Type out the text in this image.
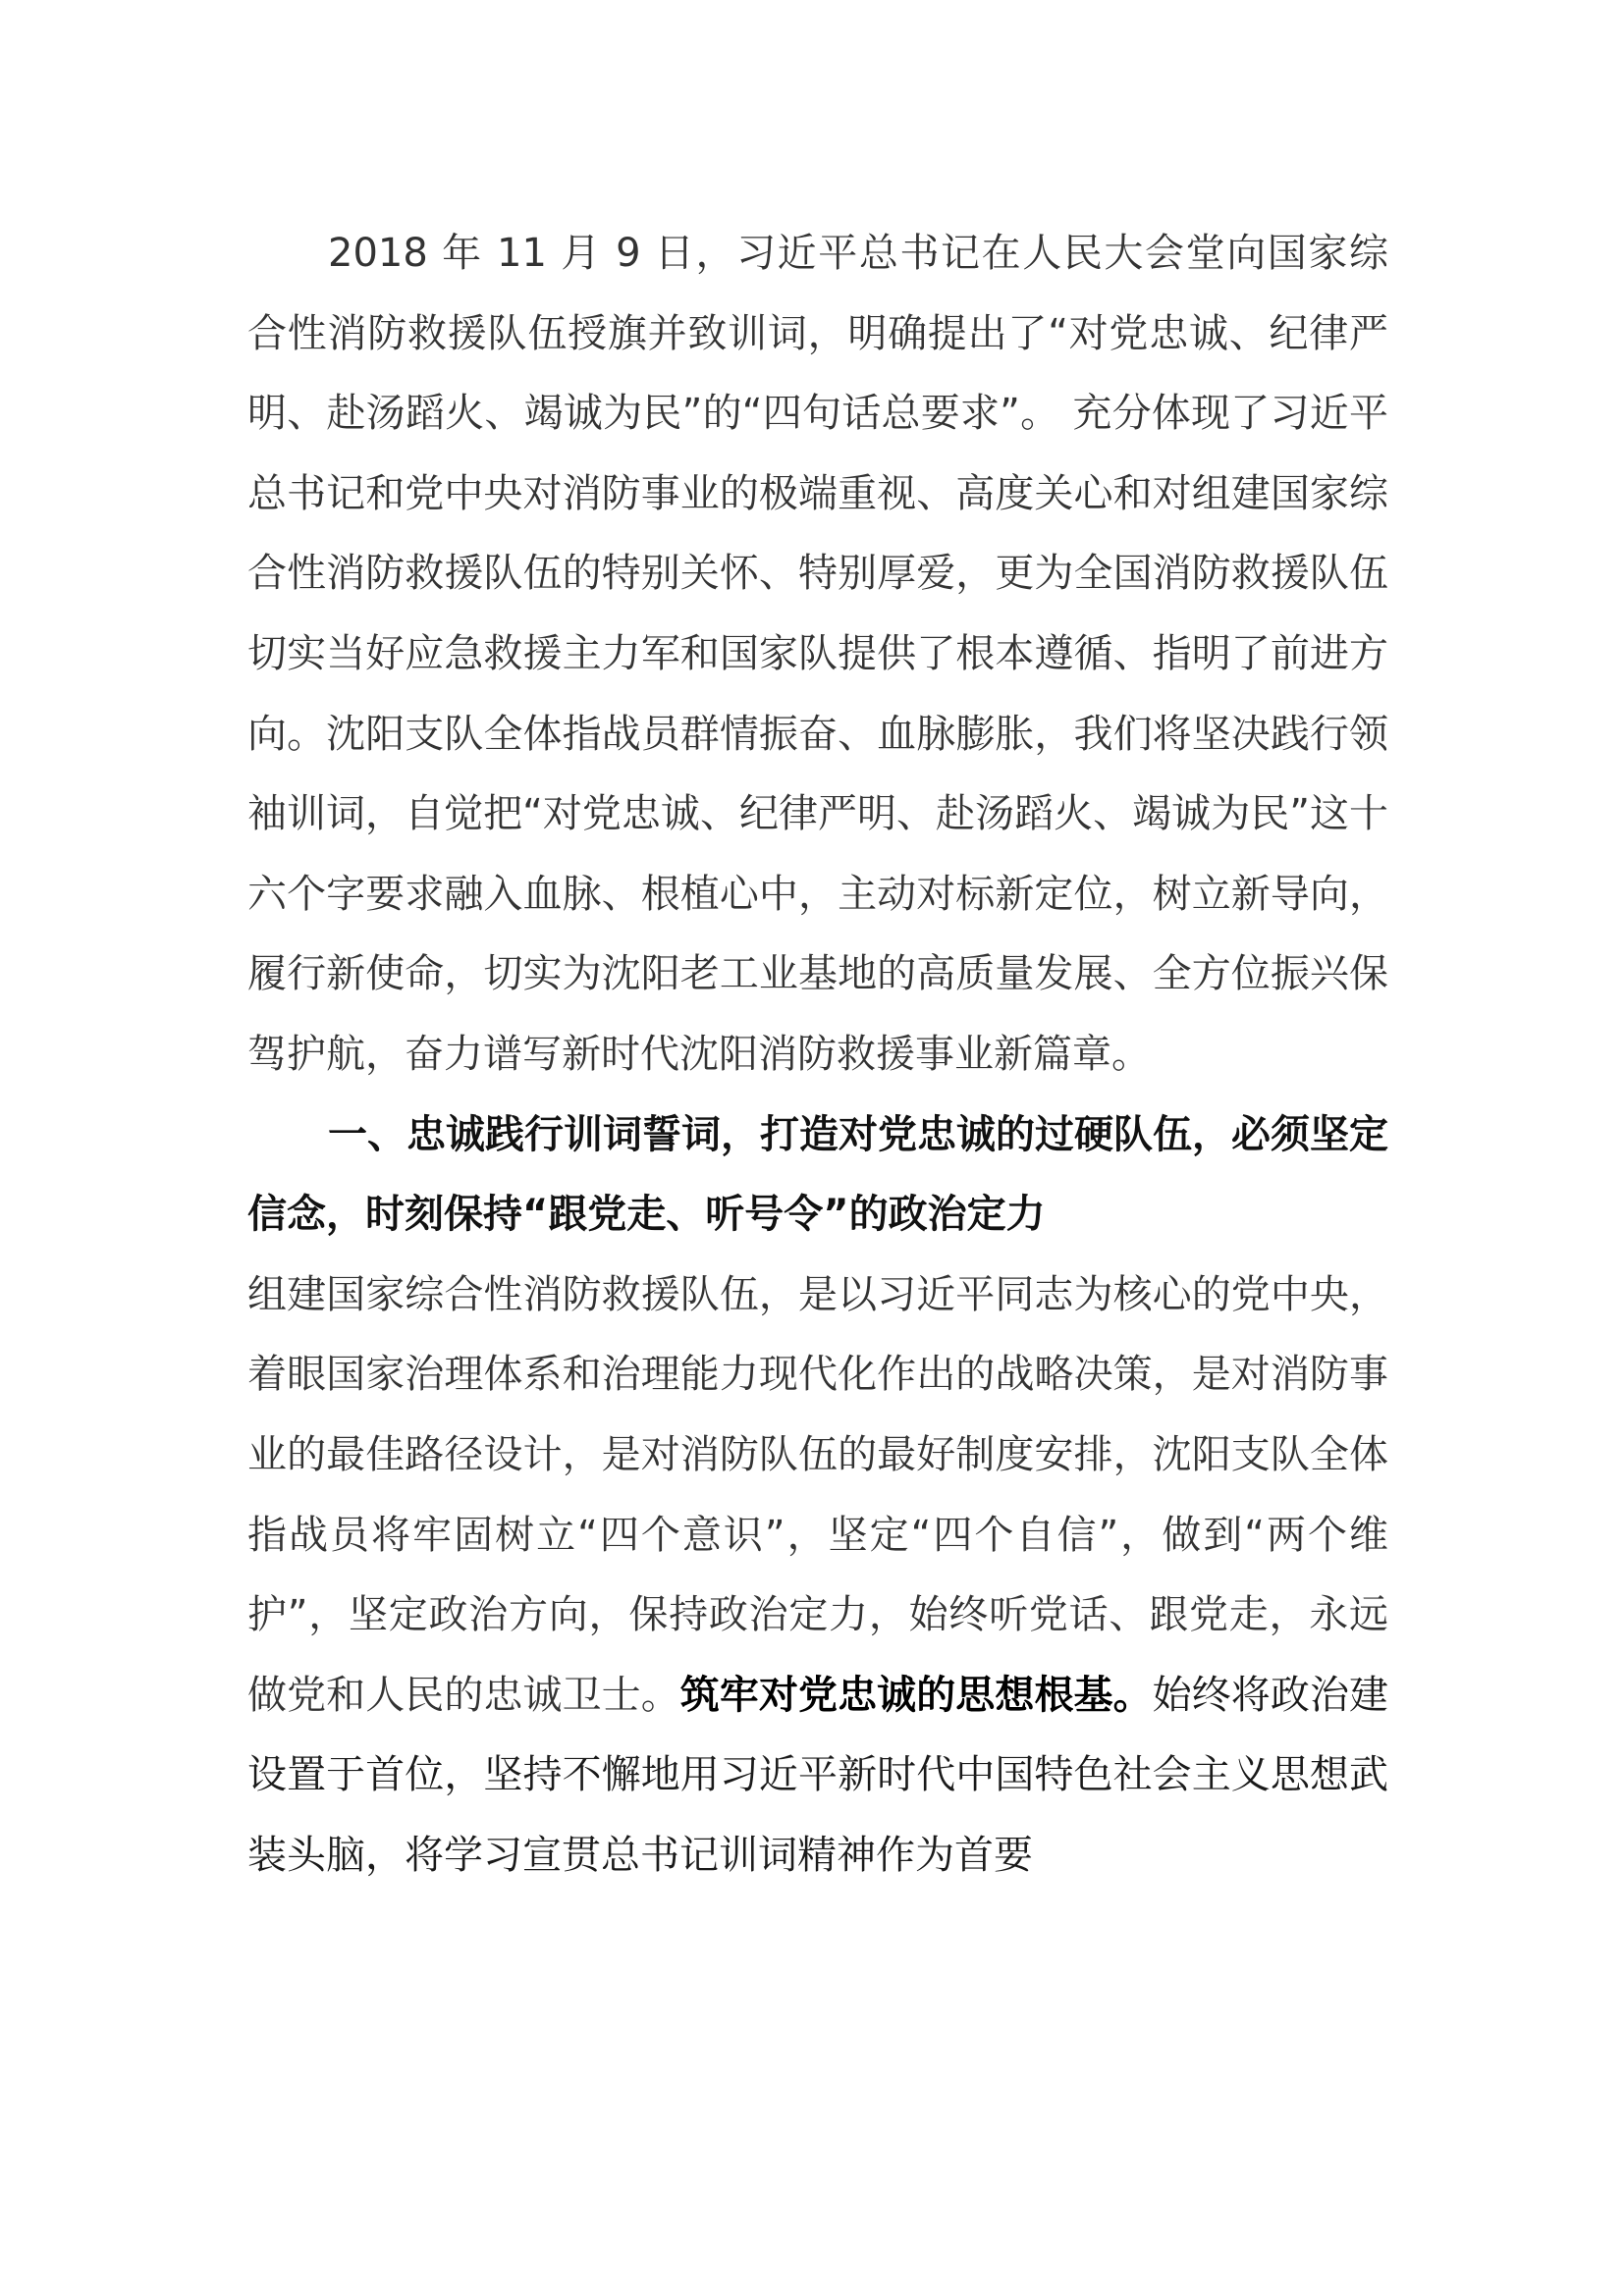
2018 年 11 月 9 日，习近平总书记在人民大会堂向国家综合性消防救援队伍授旗并致训词，明确提出了“对党忠诚、纪律严明、赴汤蹈火、竭诚为民”的“四句话总要求”。 充分体现了习近平总书记和党中央对消防事业的极端重视、高度关心和对组建国家综合性消防救援队伍的特别关怀、特别厚爱，更为全国消防救援队伍切实当好应急救援主力军和国家队提供了根本遵循、指明了前进方向。沈阳支队全体指战员群情振奋、血脉膨胀，我们将坚决践行领袖训词，自觉把“对党忠诚、纪律严明、赴汤蹈火、竭诚为民”这十六个字要求融入血脉、根植心中，主动对标新定位，树立新导向，履行新使命，切实为沈阳老工业基地的高质量发展、全方位振兴保驾护航，奋力谱写新时代沈阳消防救援事业新篇章。

一、忠诚践行训词誓词，打造对党忠诚的过硬队伍，必须坚定信念，时刻保持“跟党走、听号令”的政治定力

组建国家综合性消防救援队伍，是以习近平同志为核心的党中央，着眼国家治理体系和治理能力现代化作出的战略决策，是对消防事业的最佳路径设计，是对消防队伍的最好制度安排，沈阳支队全体指战员将牢固树立“四个意识”，坚定“四个自信”，做到“两个维护”，坚定政治方向，保持政治定力，始终听党话、跟党走，永远做党和人民的忠诚卫士。筑牢对党忠诚的思想根基。始终将政治建设置于首位，坚持不懈地用习近平新时代中国特色社会主义思想武装头脑，将学习宣贯总书记训词精神作为首要
